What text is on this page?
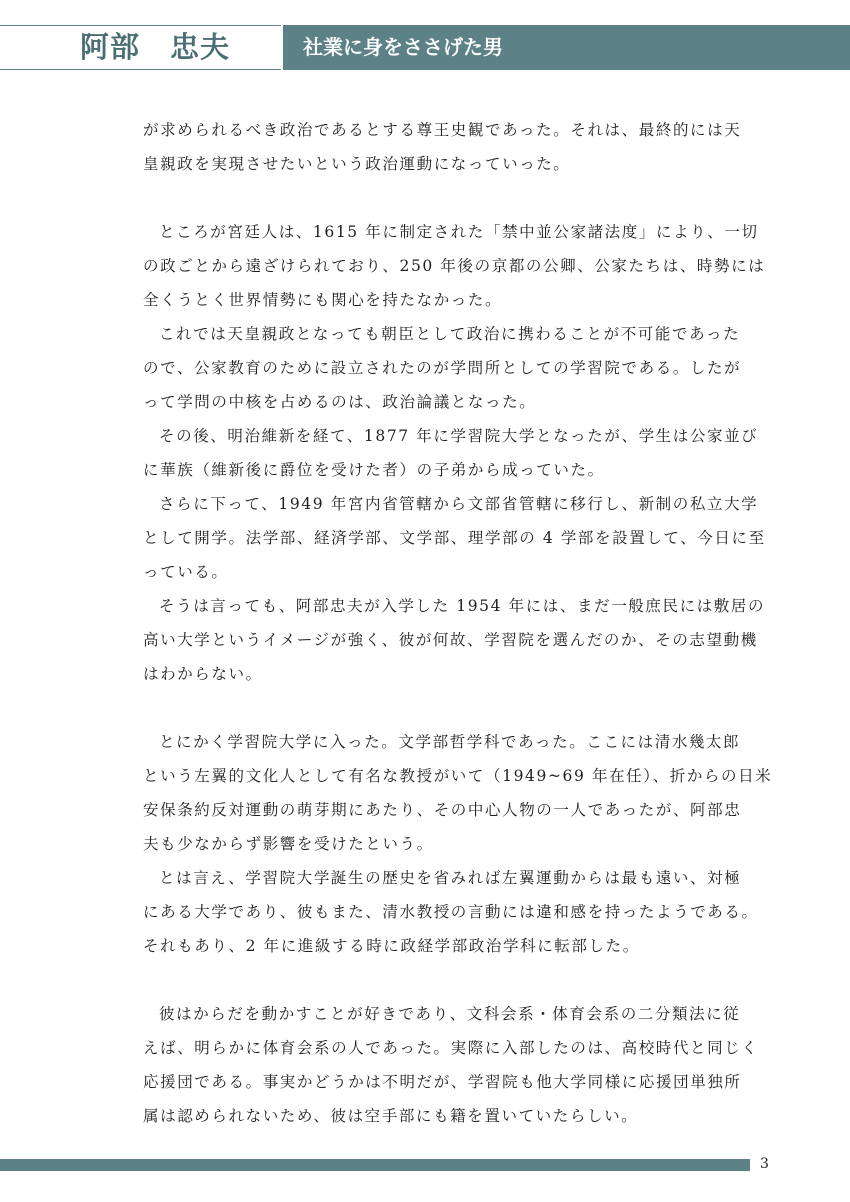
阿部　忠夫	社業に身をささげた男
が求められるべき政治であるとする尊王史観であった。それは、最終的には天
皇親政を実現させたいという政治運動になっていった。
ところが宮廷人は、1615 年に制定された「禁中並公家諸法度」により、一切
の政ごとから遠ざけられており、250 年後の京都の公卿、公家たちは、時勢には
全くうとく世界情勢にも関心を持たなかった。
これでは天皇親政となっても朝臣として政治に携わることが不可能であった
ので、公家教育のために設立されたのが学問所としての学習院である。したが
って学問の中核を占めるのは、政治論議となった。
その後、明治維新を経て、1877 年に学習院大学となったが、学生は公家並び
に華族（維新後に爵位を受けた者）の子弟から成っていた。
さらに下って、1949 年宮内省管轄から文部省管轄に移行し、新制の私立大学
として開学。法学部、経済学部、文学部、理学部の 4 学部を設置して、今日に至
っている。
そうは言っても、阿部忠夫が入学した 1954 年には、まだ一般庶民には敷居の
高い大学というイメージが強く、彼が何故、学習院を選んだのか、その志望動機
はわからない。
とにかく学習院大学に入った。文学部哲学科であった。ここには清水幾太郎
という左翼的文化人として有名な教授がいて（1949~69 年在任）、折からの日米
安保条約反対運動の萌芽期にあたり、その中心人物の一人であったが、阿部忠
夫も少なからず影響を受けたという。
とは言え、学習院大学誕生の歴史を省みれば左翼運動からは最も遠い、対極
にある大学であり、彼もまた、清水教授の言動には違和感を持ったようである。
それもあり、2 年に進級する時に政経学部政治学科に転部した。
彼はからだを動かすことが好きであり、文科会系・体育会系の二分類法に従
えば、明らかに体育会系の人であった。実際に入部したのは、高校時代と同じく
応援団である。事実かどうかは不明だが、学習院も他大学同様に応援団単独所
属は認められないため、彼は空手部にも籍を置いていたらしい。
3
